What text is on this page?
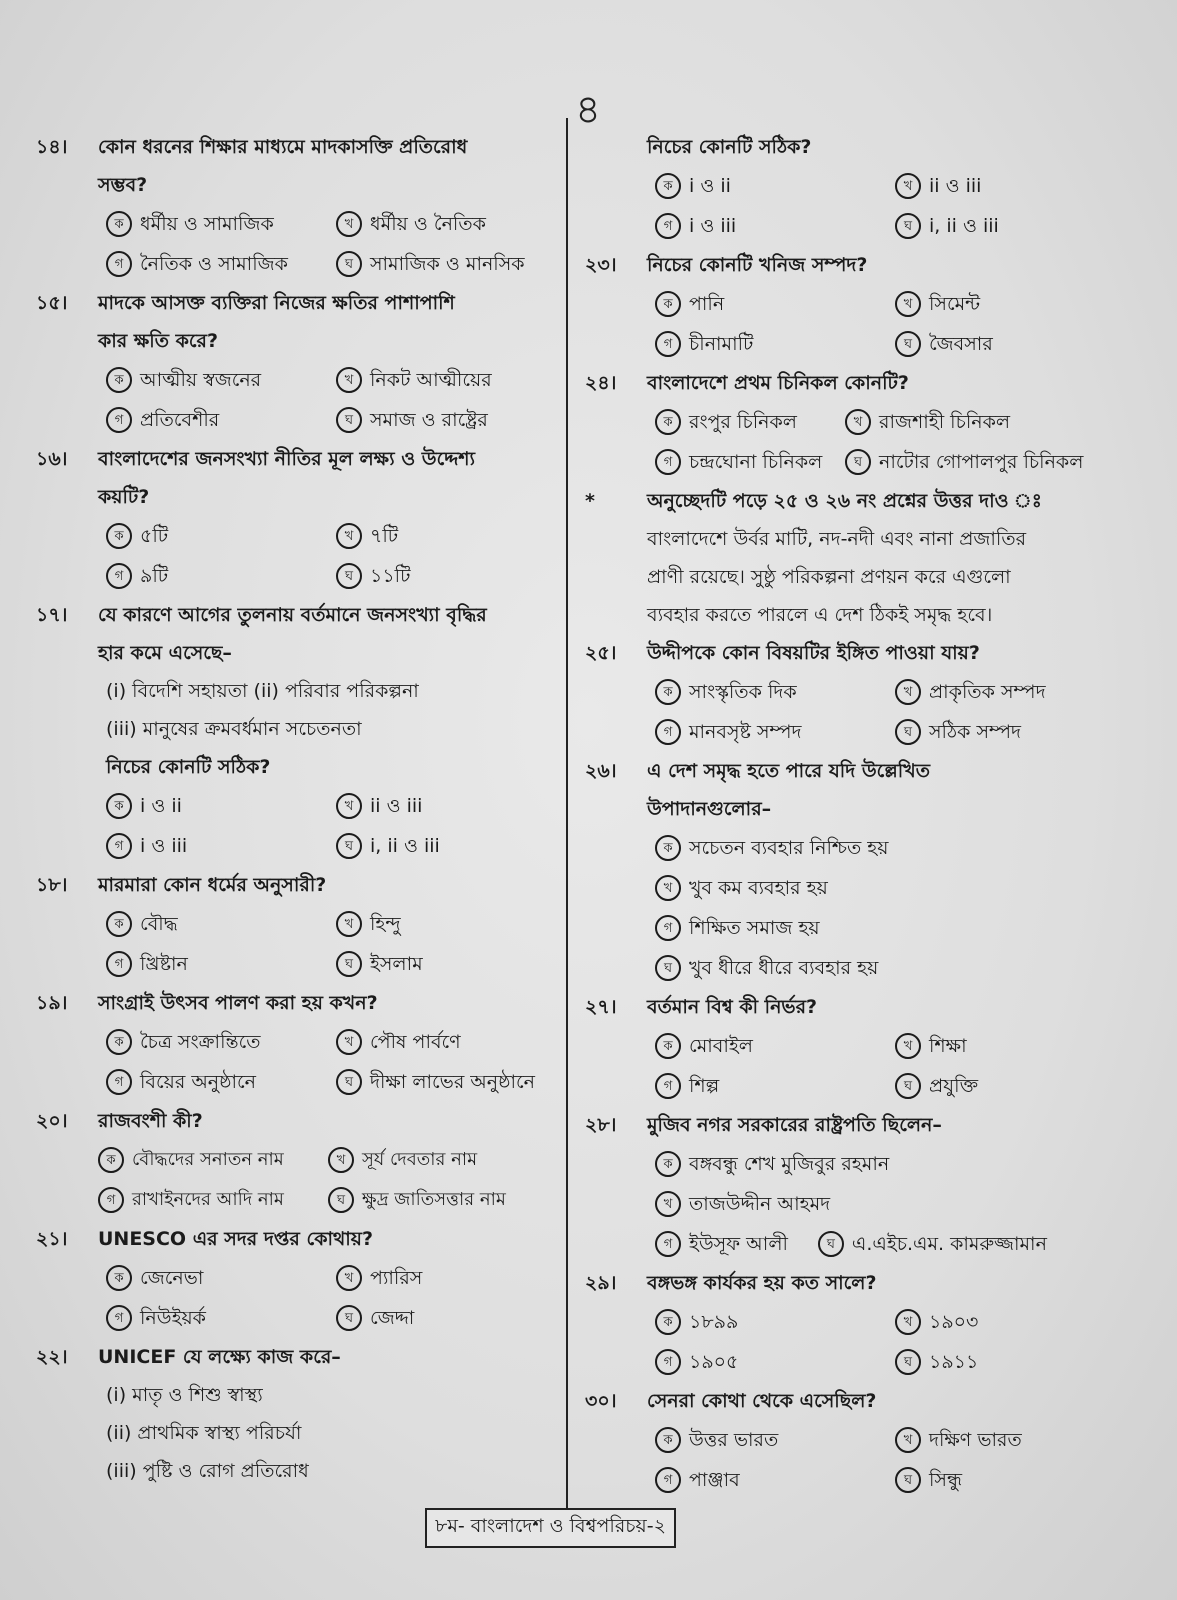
৪
১৪।	কোন ধরনের শিক্ষার মাধ্যমে মাদকাসক্তি প্রতিরোধ
সম্ভব?
ক ধর্মীয় ও সামাজিক	খ ধর্মীয় ও নৈতিক
গ নৈতিক ও সামাজিক	ঘ সামাজিক ও মানসিক
১৫।	মাদকে আসক্ত ব্যক্তিরা নিজের ক্ষতির পাশাপাশি
কার ক্ষতি করে?
ক আত্মীয় স্বজনের	খ নিকট আত্মীয়ের
গ প্রতিবেশীর	ঘ সমাজ ও রাষ্ট্রের
১৬।	বাংলাদেশের জনসংখ্যা নীতির মূল লক্ষ্য ও উদ্দেশ্য
কয়টি?
ক ৫টি	খ ৭টি
গ ৯টি	ঘ ১১টি
১৭।	যে কারণে আগের তুলনায় বর্তমানে জনসংখ্যা বৃদ্ধির
হার কমে এসেছে–
(i) বিদেশি সহায়তা (ii) পরিবার পরিকল্পনা
(iii) মানুষের ক্রমবর্ধমান সচেতনতা
নিচের কোনটি সঠিক?
ক i ও ii	খ ii ও iii
গ i ও iii	ঘ i, ii ও iii
১৮।	মারমারা কোন ধর্মের অনুসারী?
ক বৌদ্ধ	খ হিন্দু
গ খ্রিষ্টান	ঘ ইসলাম
১৯।	সাংগ্রাই উৎসব পালণ করা হয় কখন?
ক চৈত্র সংক্রান্তিতে	খ পৌষ পার্বণে
গ বিয়ের অনুষ্ঠানে	ঘ দীক্ষা লাভের অনুষ্ঠানে
২০।	রাজবংশী কী?
ক বৌদ্ধদের সনাতন নাম	খ সূর্য দেবতার নাম
গ রাখাইনদের আদি নাম	ঘ ক্ষুদ্র জাতিসত্তার নাম
২১।	UNESCO এর সদর দপ্তর কোথায়?
ক জেনেভা	খ প্যারিস
গ নিউইয়র্ক	ঘ জেদ্দা
২২।	UNICEF যে লক্ষ্যে কাজ করে–
(i) মাতৃ ও শিশু স্বাস্থ্য
(ii) প্রাথমিক স্বাস্থ্য পরিচর্যা
(iii) পুষ্টি ও রোগ প্রতিরোধ
নিচের কোনটি সঠিক?
ক i ও ii	খ ii ও iii
গ i ও iii	ঘ i, ii ও iii
২৩।	নিচের কোনটি খনিজ সম্পদ?
ক পানি	খ সিমেন্ট
গ চীনামাটি	ঘ জৈবসার
২৪।	বাংলাদেশে প্রথম চিনিকল কোনটি?
ক রংপুর চিনিকল	খ রাজশাহী চিনিকল
গ চন্দ্রঘোনা চিনিকল	ঘ নাটোর গোপালপুর চিনিকল
*	অনুচ্ছেদটি পড়ে ২৫ ও ২৬ নং প্রশ্নের উত্তর দাও ঃ
বাংলাদেশে উর্বর মাটি, নদ-নদী এবং নানা প্রজাতির
প্রাণী রয়েছে। সুষ্ঠু পরিকল্পনা প্রণয়ন করে এগুলো
ব্যবহার করতে পারলে এ দেশ ঠিকই সমৃদ্ধ হবে।
২৫।	উদ্দীপকে কোন বিষয়টির ইঙ্গিত পাওয়া যায়?
ক সাংস্কৃতিক দিক	খ প্রাকৃতিক সম্পদ
গ মানবসৃষ্ট সম্পদ	ঘ সঠিক সম্পদ
২৬।	এ দেশ সমৃদ্ধ হতে পারে যদি উল্লেখিত
উপাদানগুলোর–
ক সচেতন ব্যবহার নিশ্চিত হয়
খ খুব কম ব্যবহার হয়
গ শিক্ষিত সমাজ হয়
ঘ খুব ধীরে ধীরে ব্যবহার হয়
২৭।	বর্তমান বিশ্ব কী নির্ভর?
ক মোবাইল	খ শিক্ষা
গ শিল্প	ঘ প্রযুক্তি
২৮।	মুজিব নগর সরকারের রাষ্ট্রপতি ছিলেন–
ক বঙ্গবন্ধু শেখ মুজিবুর রহমান
খ তাজউদ্দীন আহমদ
গ ইউসূফ আলী	ঘ এ.এইচ.এম. কামরুজ্জামান
২৯।	বঙ্গভঙ্গ কার্যকর হয় কত সালে?
ক ১৮৯৯	খ ১৯০৩
গ ১৯০৫	ঘ ১৯১১
৩০।	সেনরা কোথা থেকে এসেছিল?
ক উত্তর ভারত	খ দক্ষিণ ভারত
গ পাঞ্জাব	ঘ সিন্ধু
৮ম- বাংলাদেশ ও বিশ্বপরিচয়-২
